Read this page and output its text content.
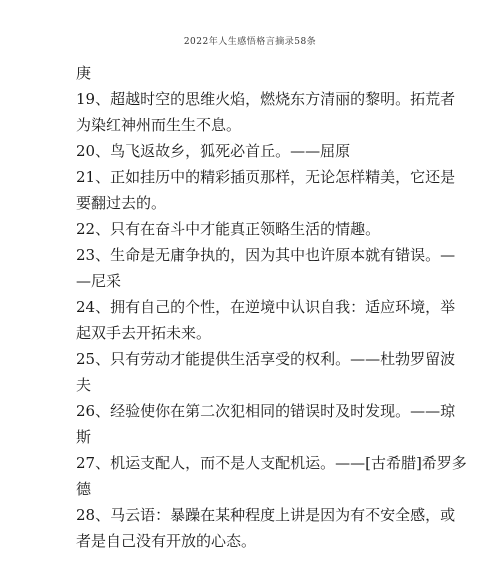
2022年人生感悟格言摘录58条
庚
19、超越时空的思维火焰，燃烧东方清丽的黎明。拓荒者
为染红神州而生生不息。
20、鸟飞返故乡，狐死必首丘。——屈原
21、正如挂历中的精彩插页那样，无论怎样精美，它还是
要翻过去的。
22、只有在奋斗中才能真正领略生活的情趣。
23、生命是无庸争执的，因为其中也许原本就有错误。—
—尼采
24、拥有自己的个性，在逆境中认识自我：适应环境，举
起双手去开拓未来。
25、只有劳动才能提供生活享受的权利。——杜勃罗留波
夫
26、经验使你在第二次犯相同的错误时及时发现。——琼
斯
27、机运支配人，而不是人支配机运。——[古希腊]希罗多
德
28、马云语：暴躁在某种程度上讲是因为有不安全感，或
者是自己没有开放的心态。
